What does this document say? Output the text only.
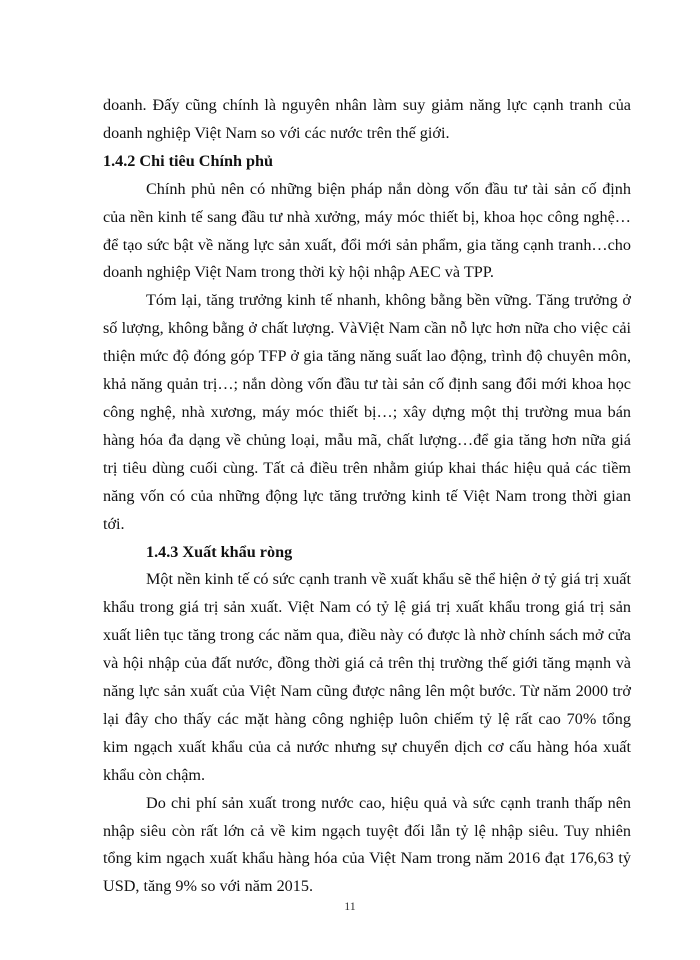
doanh. Đấy cũng chính là nguyên nhân làm suy giảm năng lực cạnh tranh của doanh nghiệp Việt Nam so với các nước trên thế giới.

1.4.2 Chi tiêu Chính phủ

Chính phủ nên có những biện pháp nắn dòng vốn đầu tư tài sản cố định của nền kinh tế sang đầu tư nhà xưởng, máy móc thiết bị, khoa học công nghệ…để tạo sức bật về năng lực sản xuất, đổi mới sản phẩm, gia tăng cạnh tranh…cho doanh nghiệp Việt Nam trong thời kỳ hội nhập AEC và TPP.

Tóm lại, tăng trưởng kinh tế nhanh, không bằng bền vững. Tăng trưởng ở số lượng, không bằng ở chất lượng. VàViệt Nam cần nỗ lực hơn nữa cho việc cải thiện mức độ đóng góp TFP ở gia tăng năng suất lao động, trình độ chuyên môn, khả năng quản trị…; nắn dòng vốn đầu tư tài sản cố định sang đổi mới khoa học công nghệ, nhà xương, máy móc thiết bị…; xây dựng một thị trường mua bán hàng hóa đa dạng về chủng loại, mẫu mã, chất lượng…để gia tăng hơn nữa giá trị tiêu dùng cuối cùng. Tất cả điều trên nhằm giúp khai thác hiệu quả các tiềm năng vốn có của những động lực tăng trưởng kinh tế Việt Nam trong thời gian tới.

1.4.3 Xuất khẩu ròng

Một nền kinh tế có sức cạnh tranh về xuất khẩu sẽ thể hiện ở tỷ giá trị xuất khẩu trong giá trị sản xuất. Việt Nam có tỷ lệ giá trị xuất khẩu trong giá trị sản xuất liên tục tăng trong các năm qua, điều này có được là nhờ chính sách mở cửa và hội nhập của đất nước, đồng thời giá cả trên thị trường thế giới tăng mạnh và năng lực sản xuất của Việt Nam cũng được nâng lên một bước. Từ năm 2000 trở lại đây cho thấy các mặt hàng công nghiệp luôn chiếm tỷ lệ rất cao 70% tổng kim ngạch xuất khẩu của cả nước nhưng sự chuyển dịch cơ cấu hàng hóa xuất khẩu còn chậm.

Do chi phí sản xuất trong nước cao, hiệu quả và sức cạnh tranh thấp nên nhập siêu còn rất lớn cả về kim ngạch tuyệt đối lẫn tỷ lệ nhập siêu. Tuy nhiên tổng kim ngạch xuất khẩu hàng hóa của Việt Nam trong năm 2016 đạt 176,63 tỷ USD, tăng 9% so với năm 2015.

11
